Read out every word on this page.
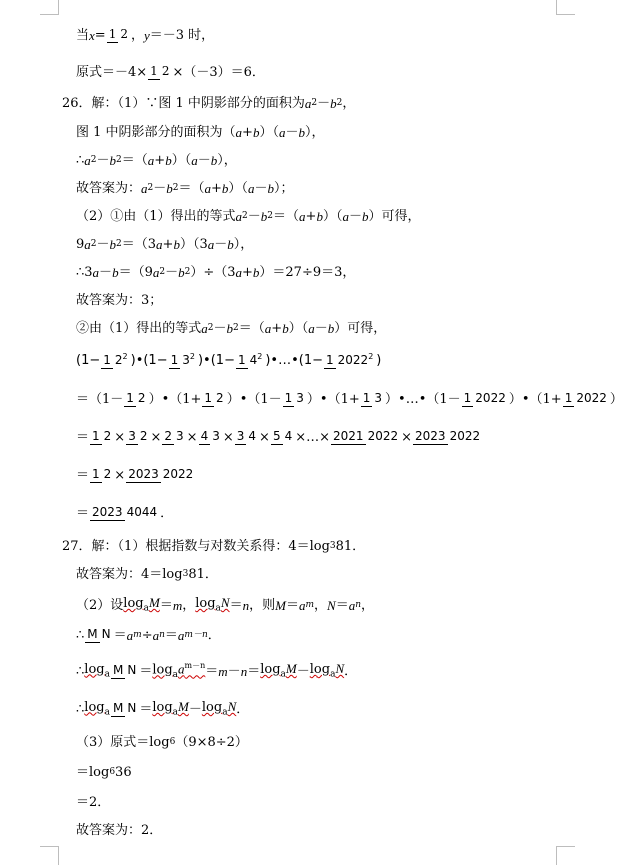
当 x = 1 2 ， y ＝－3 时，
原式＝－4× 1 2 ×（－3）＝6．
26．解：（1）∵图 1 中阴影部分的面积为 a 2 － b 2 ，
图 1 中阴影部分的面积为（ a + b ）（ a － b ），
∴ a 2 － b 2 ＝（ a + b ）（ a － b ），
故答案为： a 2 － b 2 ＝（ a + b ）（ a － b ）；
（2）①由（1）得出的等式 a 2 － b 2 ＝（ a + b ）（ a － b ）可得，
9 a 2 － b 2 ＝（3 a + b ）（3 a － b ），
∴3 a － b ＝（9 a 2 － b 2 ）÷（3 a + b ）＝27÷9＝3，
故答案为：3；
②由（1）得出的等式 a 2 － b 2 ＝（ a + b ）（ a － b ）可得，
(1− 1 $2^2$ )•(1− 1 $3^2$ )•(1− 1 $4^2$ )•…•(1− 1 2022$^2$ )
＝（1－ 1 2 ）•（1+ 1 2 ）•（1－ 1 3 ）•（1+ 1 3 ）•…•（1－ 1 2022 ）•（1+ 1 2022 ）
＝ 1 2 × 3 2 × 2 3 × 4 3 × 3 4 × 5 4 ×…× 2021 2022 × 2023 2022
＝ 1 2 × 2023 2022
＝ 2023 4044 ．
27．解：（1）根据指数与对数关系得：4＝log 3 81．
故答案为：4＝log 3 81．
（2）设 $\log_aM = m$ ， $\log_aN = n$ ，则 M ＝ a m ， N ＝ a n ，
∴ M N ＝ a m ÷ a n ＝ a m－n ．
∴ $\log_a M$ $N = \log_aa^{m-n} = m - n = \log_aM - \log_aN$ ．
∴ $\log_a M$ $N = \log_aM - \log_aN$ ．
（3）原式＝log 6 （9×8÷2）
＝log 6 36
＝2．
故答案为：2．
